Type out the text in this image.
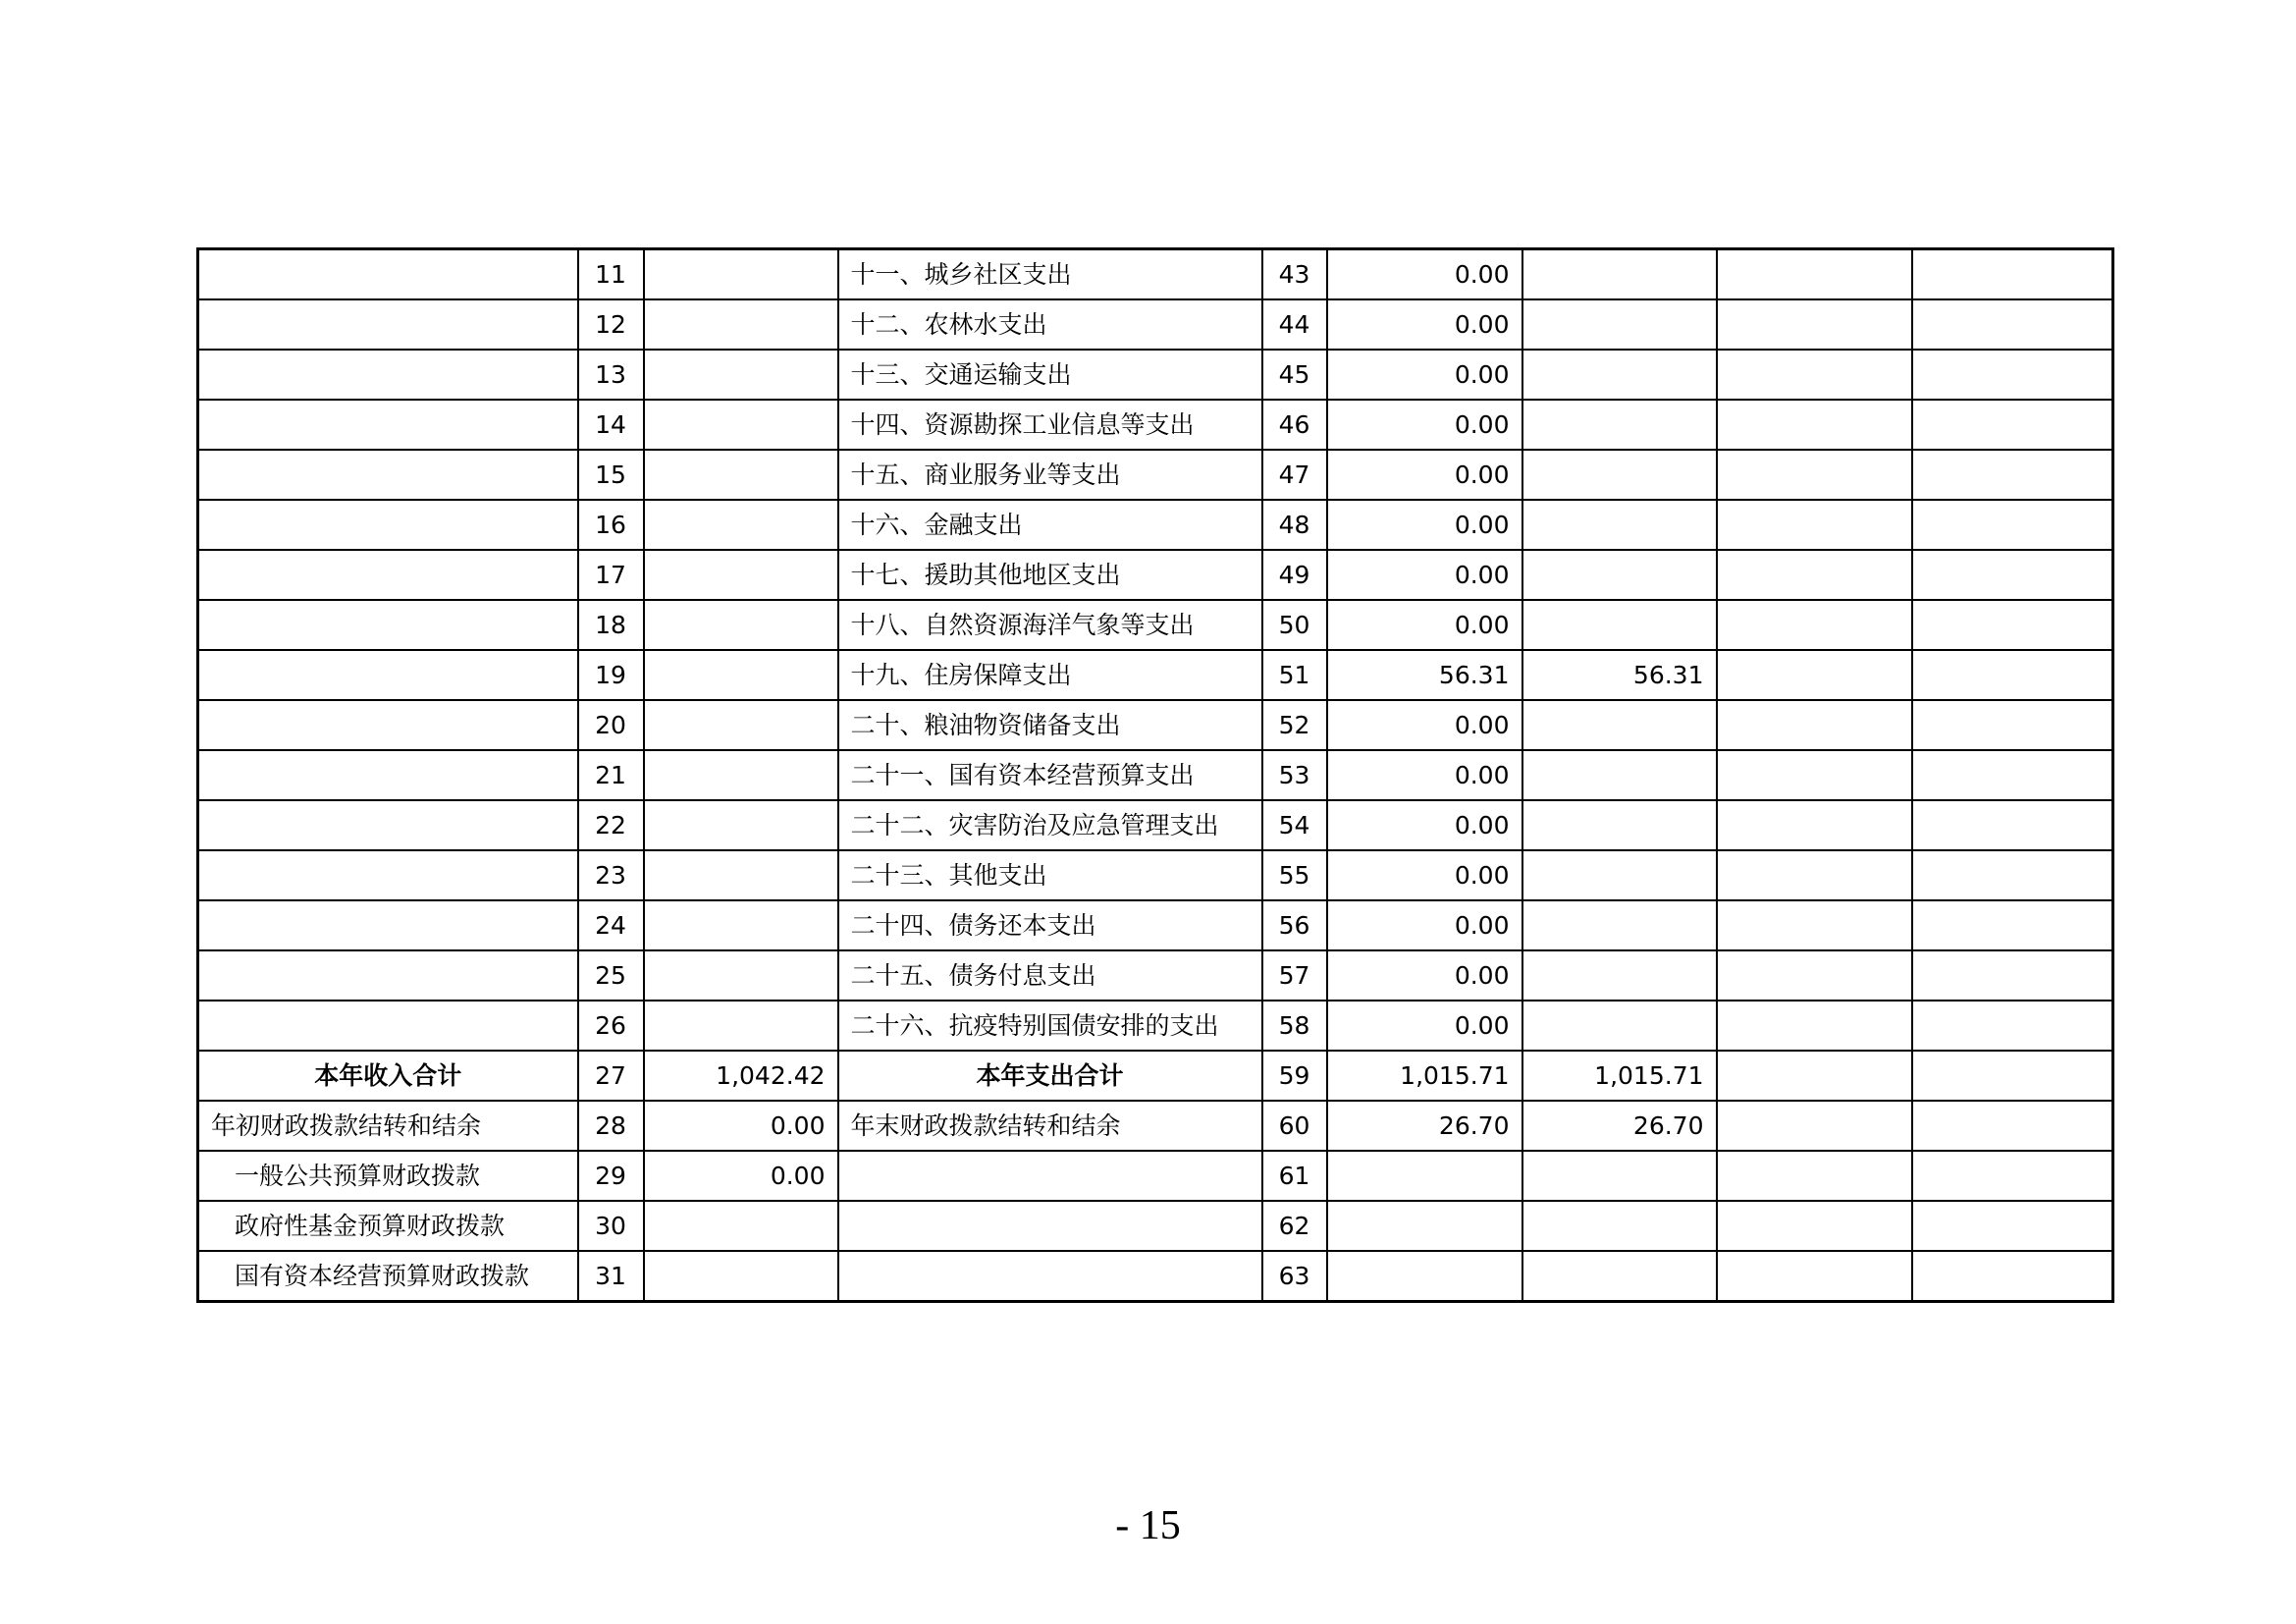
	11		十一、城乡社区支出	43	0.00			
	12		十二、农林水支出	44	0.00			
	13		十三、交通运输支出	45	0.00			
	14		十四、资源勘探工业信息等支出	46	0.00			
	15		十五、商业服务业等支出	47	0.00			
	16		十六、金融支出	48	0.00			
	17		十七、援助其他地区支出	49	0.00			
	18		十八、自然资源海洋气象等支出	50	0.00			
	19		十九、住房保障支出	51	56.31	56.31		
	20		二十、粮油物资储备支出	52	0.00			
	21		二十一、国有资本经营预算支出	53	0.00			
	22		二十二、灾害防治及应急管理支出	54	0.00			
	23		二十三、其他支出	55	0.00			
	24		二十四、债务还本支出	56	0.00			
	25		二十五、债务付息支出	57	0.00			
	26		二十六、抗疫特别国债安排的支出	58	0.00			
本年收入合计	27	1,042.42	本年支出合计	59	1,015.71	1,015.71		
年初财政拨款结转和结余	28	0.00	年末财政拨款结转和结余	60	26.70	26.70		
一般公共预算财政拨款	29	0.00		61				
政府性基金预算财政拨款	30			62				
国有资本经营预算财政拨款	31			63				
- 15
